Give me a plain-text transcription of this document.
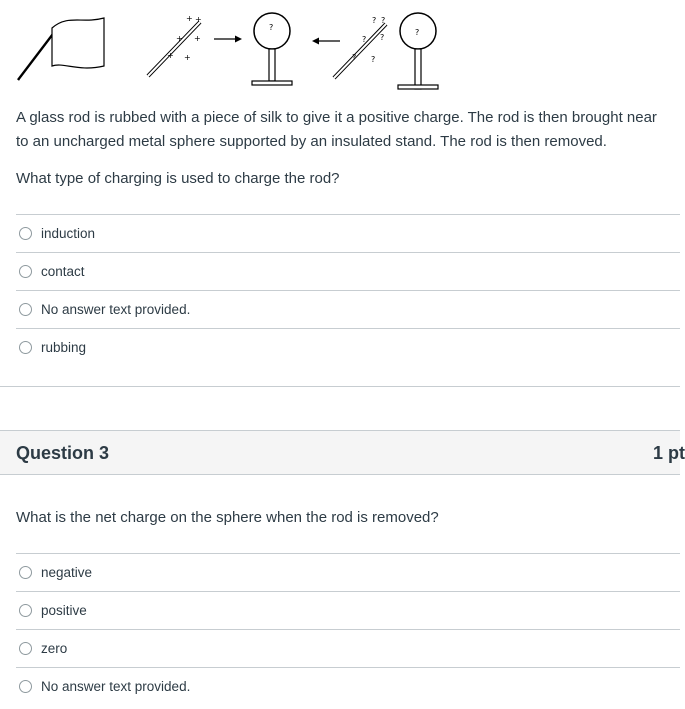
+ +
+ +
+ +
?
? ?
? ?
? ?
?
A glass rod is rubbed with a piece of silk to give it a positive charge. The rod is then brought near
to an uncharged metal sphere supported by an insulated stand. The rod is then removed.
What type of charging is used to charge the rod?
induction
contact
No answer text provided.
rubbing
Question 3	1 pt
What is the net charge on the sphere when the rod is removed?
negative
positive
zero
No answer text provided.
